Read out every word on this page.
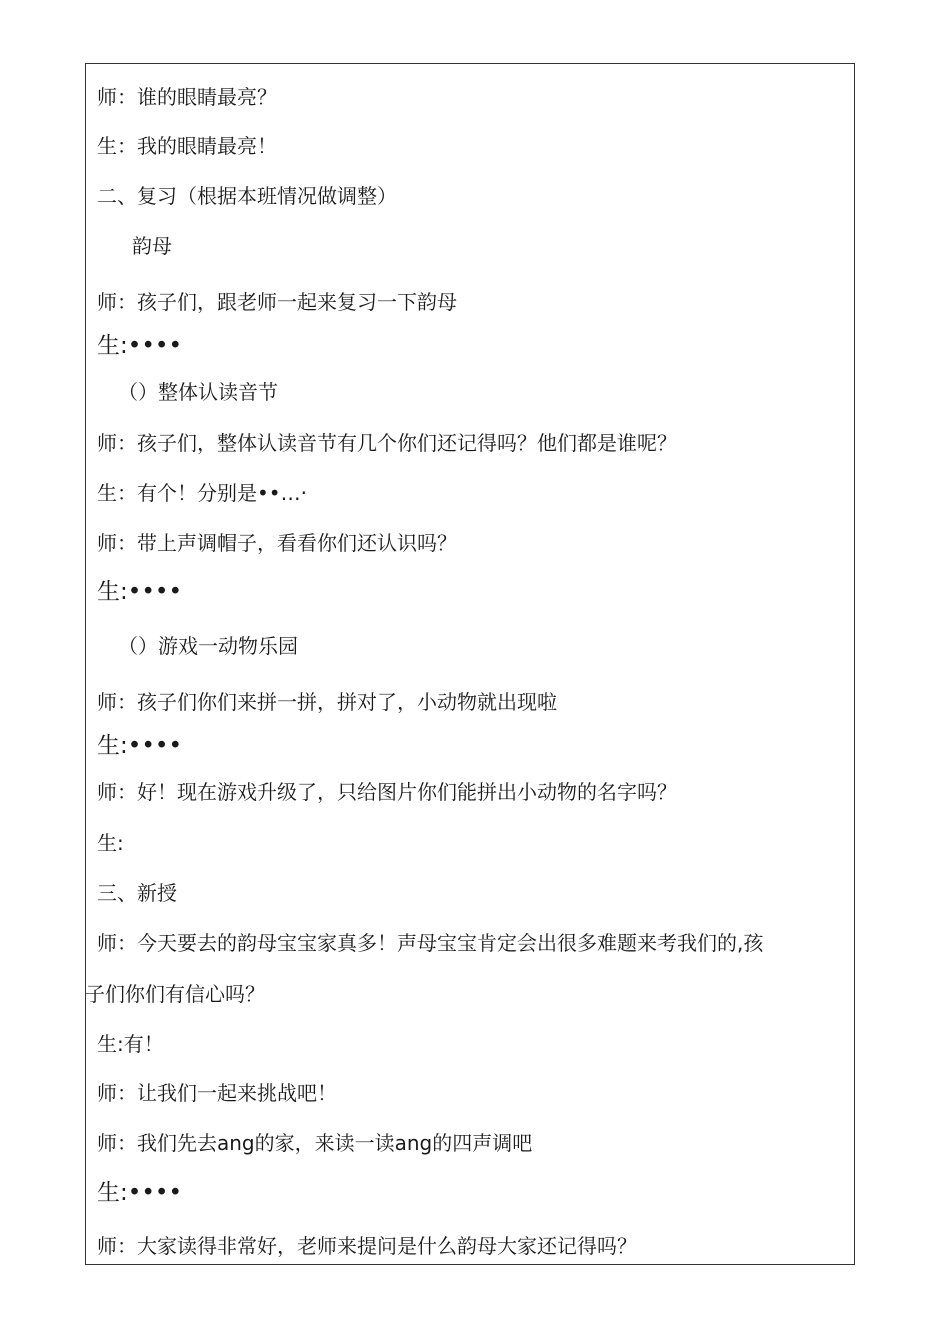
师：谁的眼睛最亮？
生：我的眼睛最亮！
二、复习（根据本班情况做调整）
韵母
师：孩子们，跟老师一起来复习一下韵母
生:••••
（）整体认读音节
师：孩子们，整体认读音节有几个你们还记得吗？他们都是谁呢？
生：有个！分别是••…·
师：带上声调帽子，看看你们还认识吗？
生:••••
（）游戏一动物乐园
师：孩子们你们来拼一拼，拼对了，小动物就出现啦
生:••••
师：好！现在游戏升级了，只给图片你们能拼出小动物的名字吗？
生:
三、新授
师：今天要去的韵母宝宝家真多！声母宝宝肯定会出很多难题来考我们的,孩
子们你们有信心吗？
生:有！
师：让我们一起来挑战吧！
师：我们先去ang的家，来读一读ang的四声调吧
生:••••
师：大家读得非常好，老师来提问是什么韵母大家还记得吗？
